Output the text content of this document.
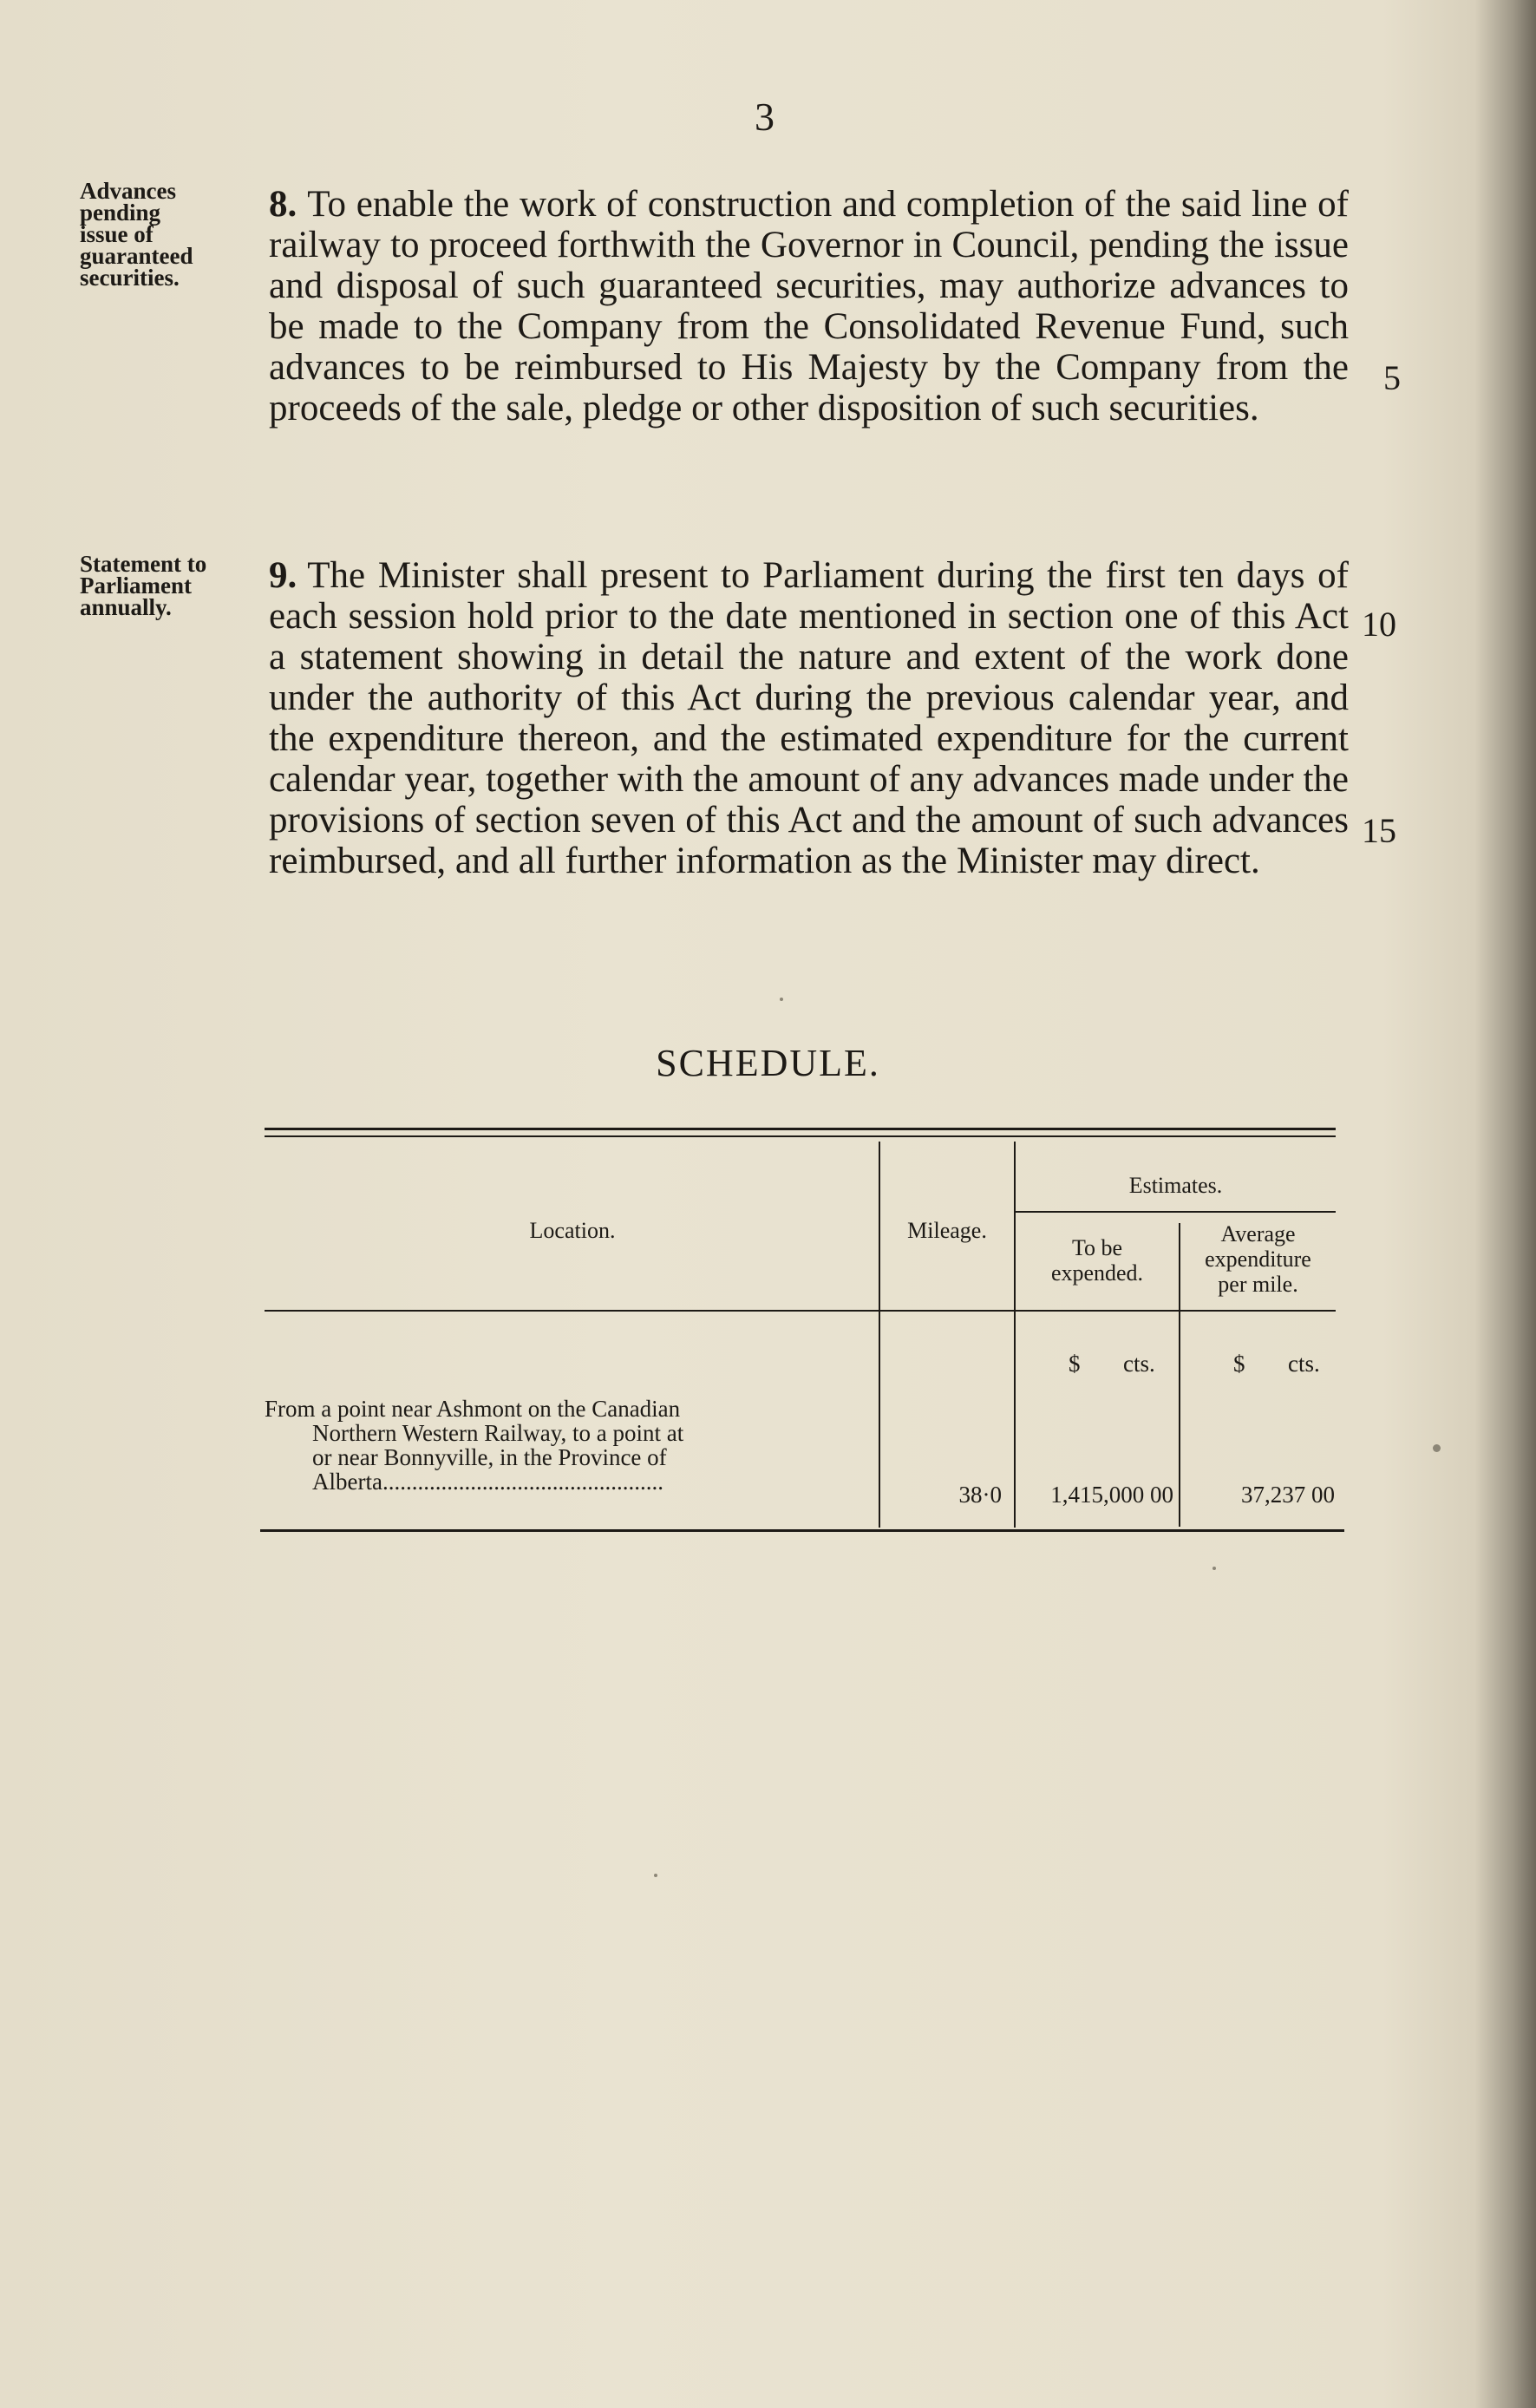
3
Advances
pending
issue of
guaranteed
securities.
8. To enable the work of construction and completion of the said line of railway to proceed forthwith the Governor in Council, pending the issue and disposal of such guaranteed securities, may authorize advances to be made to the Company from the Consolidated Revenue Fund, such advances to be reimbursed to His Majesty by the Company from the proceeds of the sale, pledge or other disposition of such securities.
Statement to
Parliament
annually.
9. The Minister shall present to Parliament during the first ten days of each session hold prior to the date mentioned in section one of this Act a statement showing in detail the nature and extent of the work done under the authority of this Act during the previous calendar year, and the expenditure thereon, and the estimated expenditure for the current calendar year, together with the amount of any advances made under the provisions of section seven of this Act and the amount of such advances reimbursed, and all further information as the Minister may direct.
5
10
15
SCHEDULE.
Location.	Mileage.
Estimates.
To be
expended.
Average
expenditure
per mile.
$ cts.	$ cts.
From a point near Ashmont on the Canadian
Northern Western Railway, to a point at
or near Bonnyville, in the Province of
Alberta................................................	38·0	1,415,000 00	37,237 00
